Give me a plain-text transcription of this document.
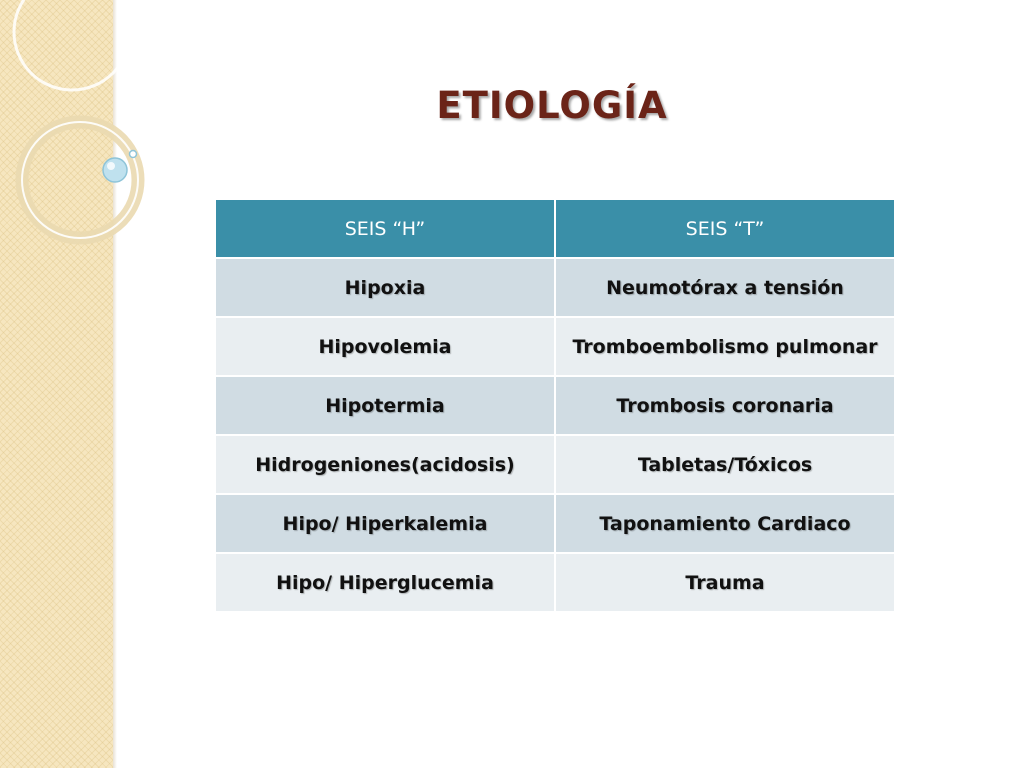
ETIOLOGÍA
SEIS “H”	SEIS “T”
Hipoxia	Neumotórax a tensión
Hipovolemia	Tromboembolismo pulmonar
Hipotermia	Trombosis coronaria
Hidrogeniones(acidosis)	Tabletas/Tóxicos
Hipo/ Hiperkalemia	Taponamiento Cardiaco
Hipo/ Hiperglucemia	Trauma
